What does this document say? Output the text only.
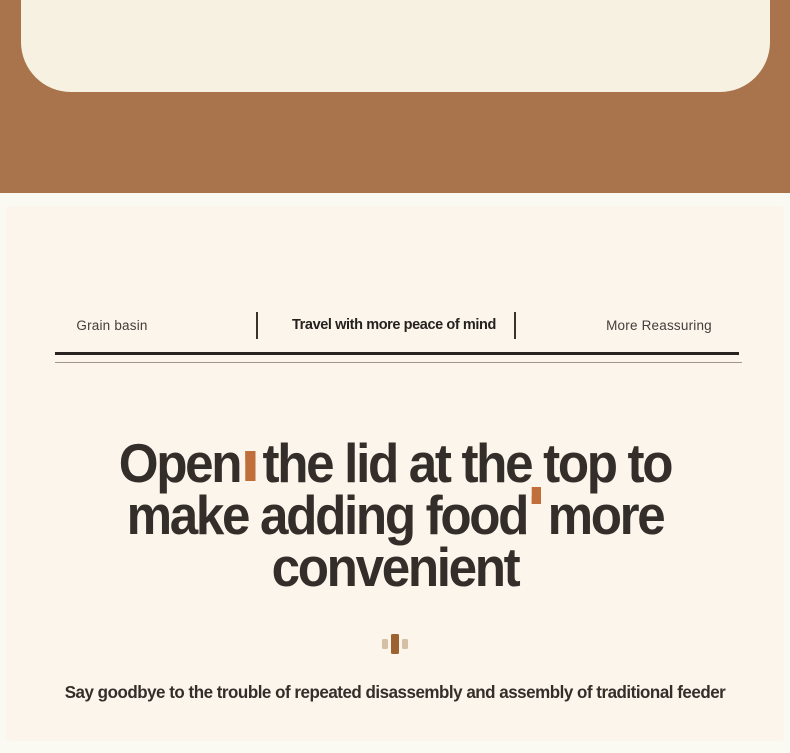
Grain basin	Travel with more peace of mind	More Reassuring
Open the lid at the top to
make adding food more
convenient

Say goodbye to the trouble of repeated disassembly and assembly of traditional feeder
